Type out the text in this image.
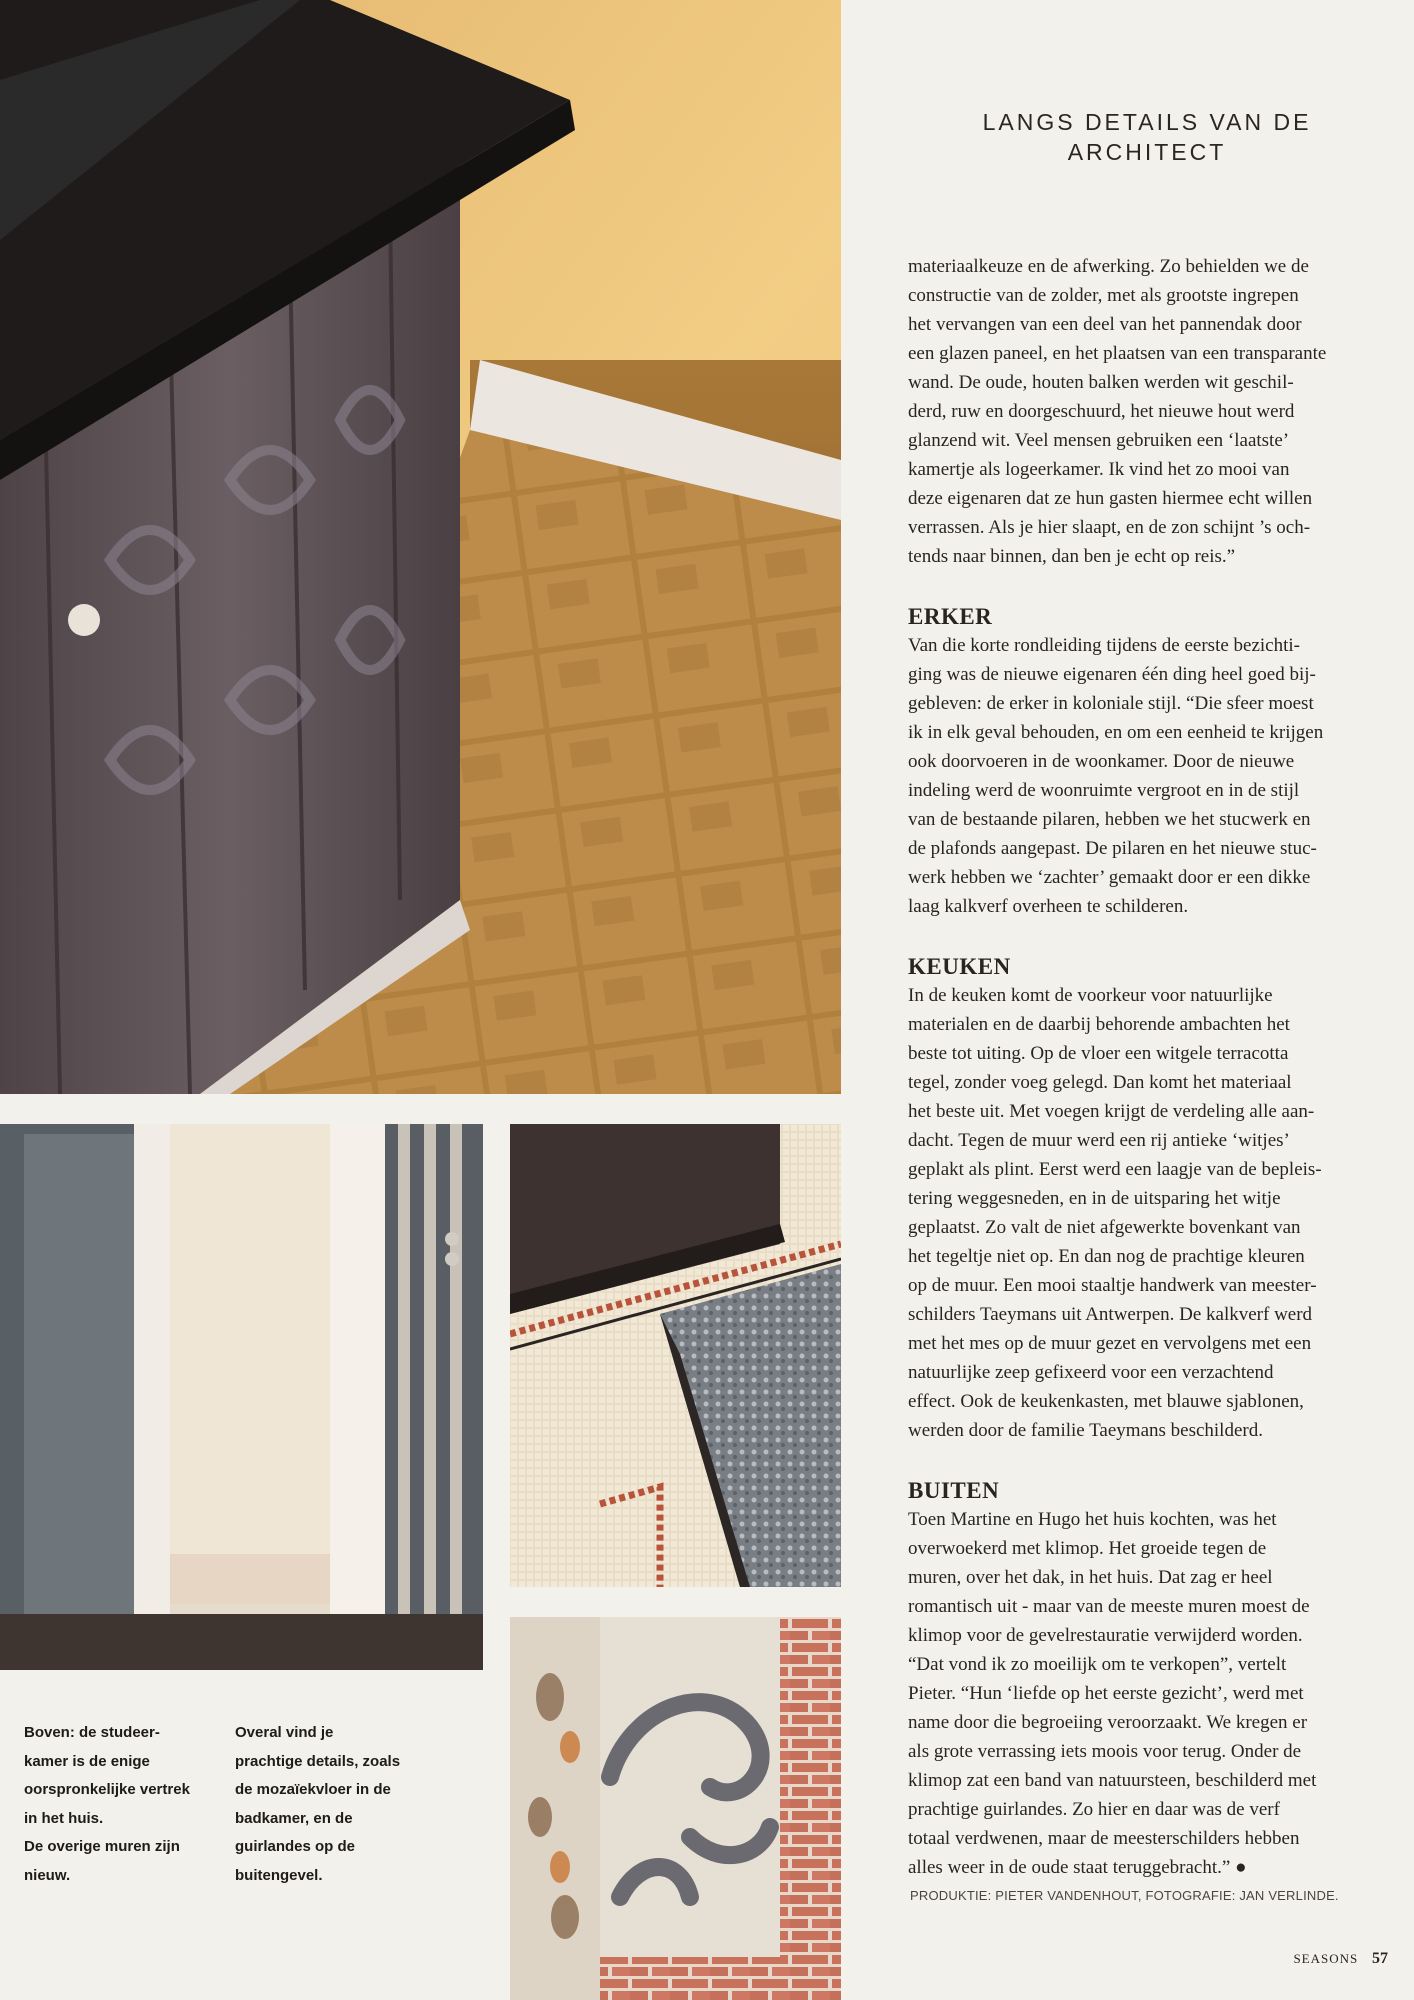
LANGS DETAILS VAN DE
ARCHITECT

materiaalkeuze en de afwerking. Zo behielden we de
constructie van de zolder, met als grootste ingrepen
het vervangen van een deel van het pannendak door
een glazen paneel, en het plaatsen van een transparante
wand. De oude, houten balken werden wit geschil-
derd, ruw en doorgeschuurd, het nieuwe hout werd
glanzend wit. Veel mensen gebruiken een ‘laatste’
kamertje als logeerkamer. Ik vind het zo mooi van
deze eigenaren dat ze hun gasten hiermee echt willen
verrassen. Als je hier slaapt, en de zon schijnt ’s och-
tends naar binnen, dan ben je echt op reis.”

ERKER

Van die korte rondleiding tijdens de eerste bezichti-
ging was de nieuwe eigenaren één ding heel goed bij-
gebleven: de erker in koloniale stijl. “Die sfeer moest
ik in elk geval behouden, en om een eenheid te krijgen
ook doorvoeren in de woonkamer. Door de nieuwe
indeling werd de woonruimte vergroot en in de stijl
van de bestaande pilaren, hebben we het stucwerk en
de plafonds aangepast. De pilaren en het nieuwe stuc-
werk hebben we ‘zachter’ gemaakt door er een dikke
laag kalkverf overheen te schilderen.

KEUKEN

In de keuken komt de voorkeur voor natuurlijke
materialen en de daarbij behorende ambachten het
beste tot uiting. Op de vloer een witgele terracotta
tegel, zonder voeg gelegd. Dan komt het materiaal
het beste uit. Met voegen krijgt de verdeling alle aan-
dacht. Tegen de muur werd een rij antieke ‘witjes’
geplakt als plint. Eerst werd een laagje van de bepleis-
tering weggesneden, en in de uitsparing het witje
geplaatst. Zo valt de niet afgewerkte bovenkant van
het tegeltje niet op. En dan nog de prachtige kleuren
op de muur. Een mooi staaltje handwerk van meester-
schilders Taeymans uit Antwerpen. De kalkverf werd
met het mes op de muur gezet en vervolgens met een
natuurlijke zeep gefixeerd voor een verzachtend
effect. Ook de keukenkasten, met blauwe sjablonen,
werden door de familie Taeymans beschilderd.

BUITEN

Toen Martine en Hugo het huis kochten, was het
overwoekerd met klimop. Het groeide tegen de
muren, over het dak, in het huis. Dat zag er heel
romantisch uit - maar van de meeste muren moest de
klimop voor de gevelrestauratie verwijderd worden.
“Dat vond ik zo moeilijk om te verkopen”, vertelt
Pieter. “Hun ‘liefde op het eerste gezicht’, werd met
name door die begroeiing veroorzaakt. We kregen er
als grote verrassing iets moois voor terug. Onder de
klimop zat een band van natuursteen, beschilderd met
prachtige guirlandes. Zo hier en daar was de verf
totaal verdwenen, maar de meesterschilders hebben
alles weer in de oude staat teruggebracht.” ●

Boven: de studeer-
kamer is de enige
oorspronkelijke vertrek
in het huis.
De overige muren zijn
nieuw.
Overal vind je
prachtige details, zoals
de mozaïekvloer in de
badkamer, en de
guirlandes op de
buitengevel.
PRODUKTIE: PIETER VANDENHOUT, FOTOGRAFIE: JAN VERLINDE.
SEASONS 57
